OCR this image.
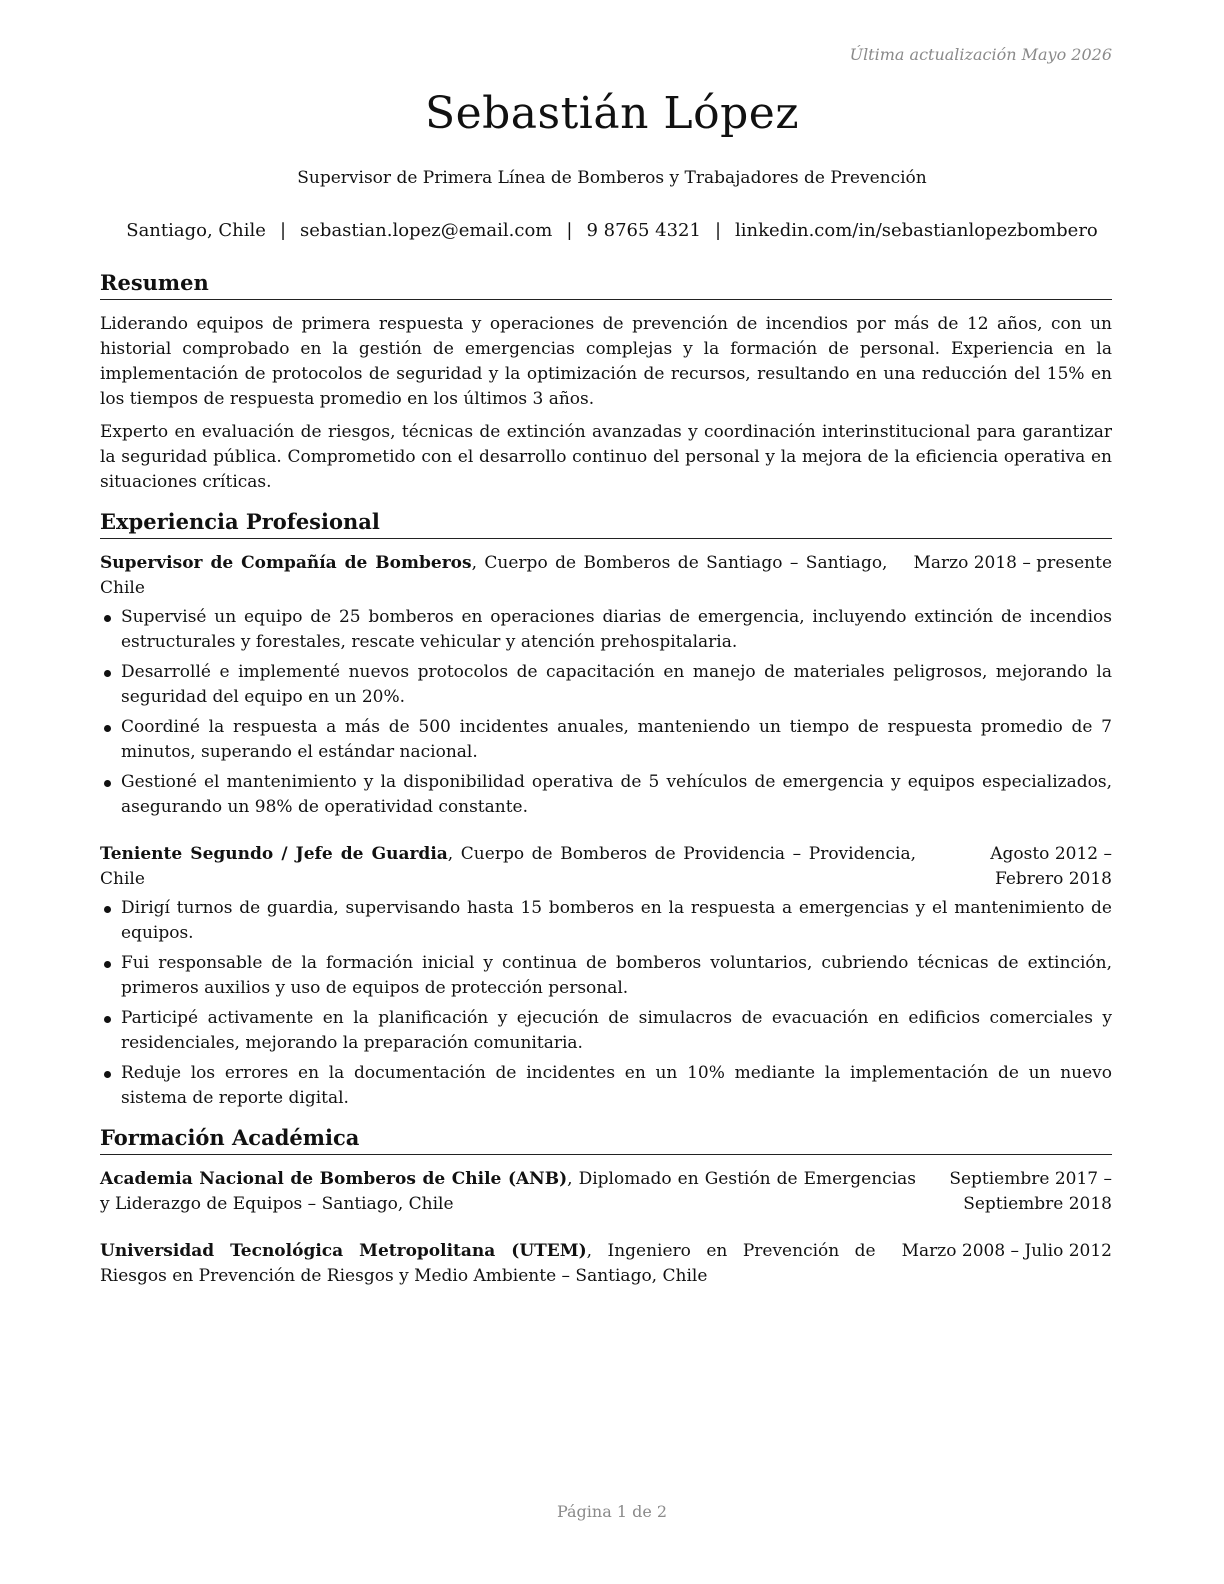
Última actualización Mayo 2026
Sebastián López
Supervisor de Primera Línea de Bomberos y Trabajadores de Prevención
Santiago, Chile | sebastian.lopez@email.com | 9 8765 4321 | linkedin.com/in/sebastianlopezbombero
Resumen

Liderando equipos de primera respuesta y operaciones de prevención de incendios por más de 12 años, con un historial comprobado en la gestión de emergencias complejas y la formación de personal. Experiencia en la implementación de protocolos de seguridad y la optimización de recursos, resultando en una reducción del 15% en los tiempos de respuesta promedio en los últimos 3 años.

Experto en evaluación de riesgos, técnicas de extinción avanzadas y coordinación interinstitucional para garantizar la seguridad pública. Comprometido con el desarrollo continuo del personal y la mejora de la eficiencia operativa en situaciones críticas.

Experiencia Profesional
Supervisor de Compañía de Bomberos, Cuerpo de Bomberos de Santiago – Santiago, Chile
Marzo 2018 – presente
Supervisé un equipo de 25 bomberos en operaciones diarias de emergencia, incluyendo extinción de incendios estructurales y forestales, rescate vehicular y atención prehospitalaria.
Desarrollé e implementé nuevos protocolos de capacitación en manejo de materiales peligrosos, mejorando la seguridad del equipo en un 20%.
Coordiné la respuesta a más de 500 incidentes anuales, manteniendo un tiempo de respuesta promedio de 7 minutos, superando el estándar nacional.
Gestioné el mantenimiento y la disponibilidad operativa de 5 vehículos de emergencia y equipos especializados, asegurando un 98% de operatividad constante.
Teniente Segundo / Jefe de Guardia, Cuerpo de Bomberos de Providencia – Providencia, Chile
Agosto 2012 – Febrero 2018
Dirigí turnos de guardia, supervisando hasta 15 bomberos en la respuesta a emergencias y el mantenimiento de equipos.
Fui responsable de la formación inicial y continua de bomberos voluntarios, cubriendo técnicas de extinción, primeros auxilios y uso de equipos de protección personal.
Participé activamente en la planificación y ejecución de simulacros de evacuación en edificios comerciales y residenciales, mejorando la preparación comunitaria.
Reduje los errores en la documentación de incidentes en un 10% mediante la implementación de un nuevo sistema de reporte digital.
Formación Académica
Academia Nacional de Bomberos de Chile (ANB), Diplomado en Gestión de Emergencias y Liderazgo de Equipos – Santiago, Chile
Septiembre 2017 – Septiembre 2018
Universidad Tecnológica Metropolitana (UTEM), Ingeniero en Prevención de Riesgos en Prevención de Riesgos y Medio Ambiente – Santiago, Chile
Marzo 2008 – Julio 2012
Página 1 de 2
